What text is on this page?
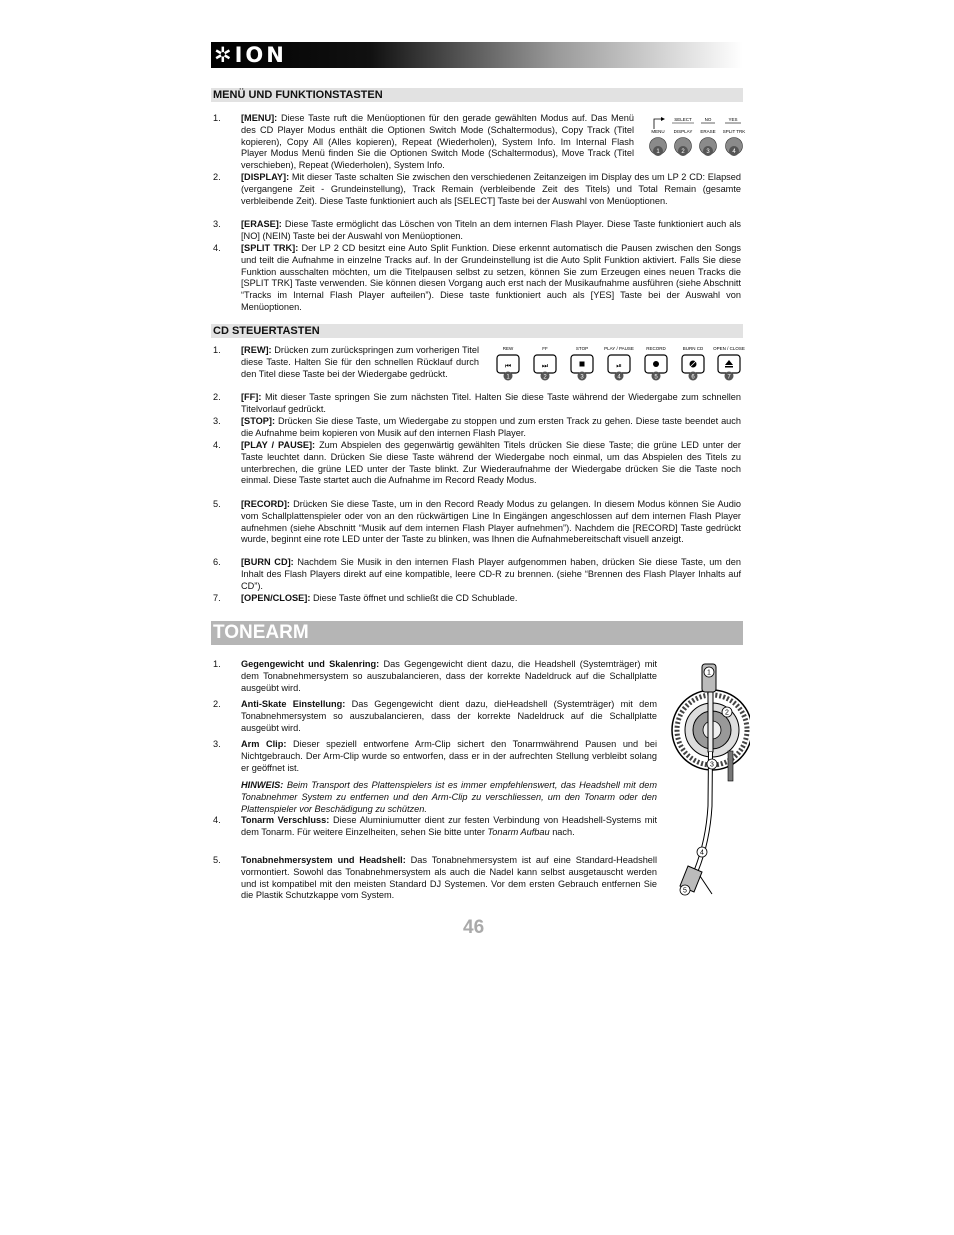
✲ION
MENÜ UND FUNKTIONSTASTEN
SELECT	NO	YES
MENU DISPLAY ERASE SPLIT TRK
1	2	3	4
1. [MENU]: Diese Taste ruft die Menüoptionen für den gerade gewählten Modus auf. Das Menü des CD Player Modus enthält die Optionen Switch Mode (Schaltermodus), Copy Track (Titel kopieren), Copy All (Alles kopieren), Repeat (Wiederholen), System Info. Im Internal Flash Player Modus Menü finden Sie die Optionen Switch Mode (Schaltermodus), Move Track (Titel verschieben), Repeat (Wiederholen), System Info.
2. [DISPLAY]: Mit dieser Taste schalten Sie zwischen den verschiedenen Zeitanzeigen im Display des um LP 2 CD: Elapsed (vergangene Zeit - Grundeinstellung), Track Remain (verbleibende Zeit des Titels) und Total Remain (gesamte verbleibende Zeit). Diese Taste funktioniert auch als [SELECT] Taste bei der Auswahl von Menüoptionen.
3. [ERASE]: Diese Taste ermöglicht das Löschen von Titeln an dem internen Flash Player. Diese Taste funktioniert auch als [NO] (NEIN) Taste bei der Auswahl von Menüoptionen.
4. [SPLIT TRK]: Der LP 2 CD besitzt eine Auto Split Funktion. Diese erkennt automatisch die Pausen zwischen den Songs und teilt die Aufnahme in einzelne Tracks auf. In der Grundeinstellung ist die Auto Split Funktion aktiviert. Falls Sie diese Funktion ausschalten möchten, um die Titelpausen selbst zu setzen, können Sie zum Erzeugen eines neuen Tracks die [SPLIT TRK] Taste verwenden. Sie können diesen Vorgang auch erst nach der Musikaufnahme ausführen (siehe Abschnitt “Tracks im Internal Flash Player aufteilen”). Diese taste funktioniert auch als [YES] Taste bei der Auswahl von Menüoptionen.
CD STEUERTASTEN
REW
⏮
1
FF
⏭
2
STOP
3
PLAY / PAUSE
⏯
4
RECORD
5
BURN CD
6
OPEN / CLOSE
7
1. [REW]: Drücken zum zurückspringen zum vorherigen Titel diese Taste. Halten Sie für den schnellen Rücklauf durch den Titel diese Taste bei der Wiedergabe gedrückt.
2. [FF]: Mit dieser Taste springen Sie zum nächsten Titel. Halten Sie diese Taste während der Wiedergabe zum schnellen Titelvorlauf gedrückt.
3. [STOP]: Drücken Sie diese Taste, um Wiedergabe zu stoppen und zum ersten Track zu gehen. Diese taste beendet auch die Aufnahme beim kopieren von Musik auf den internen Flash Player.
4. [PLAY / PAUSE]: Zum Abspielen des gegenwärtig gewählten Titels drücken Sie diese Taste; die grüne LED unter der Taste leuchtet dann. Drücken Sie diese Taste während der Wiedergabe noch einmal, um das Abspielen des Titels zu unterbrechen, die grüne LED unter der Taste blinkt. Zur Wiederaufnahme der Wiedergabe drücken Sie die Taste noch einmal. Diese Taste startet auch die Aufnahme im Record Ready Modus.
5. [RECORD]: Drücken Sie diese Taste, um in den Record Ready Modus zu gelangen. In diesem Modus können Sie Audio vom Schallplattenspieler oder von an den rückwärtigen Line In Eingängen angeschlossen auf dem internen Flash Player aufnehmen (siehe Abschnitt “Musik auf dem internen Flash Player aufnehmen”). Nachdem die [RECORD] Taste gedrückt wurde, beginnt eine rote LED unter der Taste zu blinken, was Ihnen die Aufnahmebereitschaft visuell anzeigt.
6. [BURN CD]: Nachdem Sie Musik in den internen Flash Player aufgenommen haben, drücken Sie diese Taste, um den Inhalt des Flash Players direkt auf eine kompatible, leere CD-R zu brennen. (siehe “Brennen des Flash Player Inhalts auf CD”).
7. [OPEN/CLOSE]: Diese Taste öffnet und schließt die CD Schublade.
TONEARM
1
2
3
4
5
1. Gegengewicht und Skalenring: Das Gegengewicht dient dazu, die Headshell (Systemträger) mit dem Tonabnehmersystem so auszubalancieren, dass der korrekte Nadeldruck auf die Schallplatte ausgeübt wird.
2. Anti-Skate Einstellung: Das Gegengewicht dient dazu, dieHeadshell (Systemträger) mit dem Tonabnehmersystem so auszubalancieren, dass der korrekte Nadeldruck auf die Schallplatte ausgeübt wird.
3. Arm Clip: Dieser speziell entworfene Arm-Clip sichert den Tonarmwährend Pausen und bei Nichtgebrauch. Der Arm-Clip wurde so entworfen, dass er in der aufrechten Stellung verbleibt solang er geöffnet ist.
HINWEIS: Beim Transport des Plattenspielers ist es immer empfehlenswert, das Headshell mit dem Tonabnehmer System zu entfernen und den Arm-Clip zu verschliessen, um den Tonarm oder den Plattenspieler vor Beschädigung zu schützen.
4. Tonarm Verschluss: Diese Aluminiumutter dient zur festen Verbindung von Headshell-Systems mit dem Tonarm. Für weitere Einzelheiten, sehen Sie bitte unter Tonarm Aufbau nach.
5. Tonabnehmersystem und Headshell: Das Tonabnehmersystem ist auf eine Standard-Headshell vormontiert. Sowohl das Tonabnehmersystem als auch die Nadel kann selbst ausgetauscht werden und ist kompatibel mit den meisten Standard DJ Systemen. Vor dem ersten Gebrauch entfernen Sie die Plastik Schutzkappe vom System.
46
